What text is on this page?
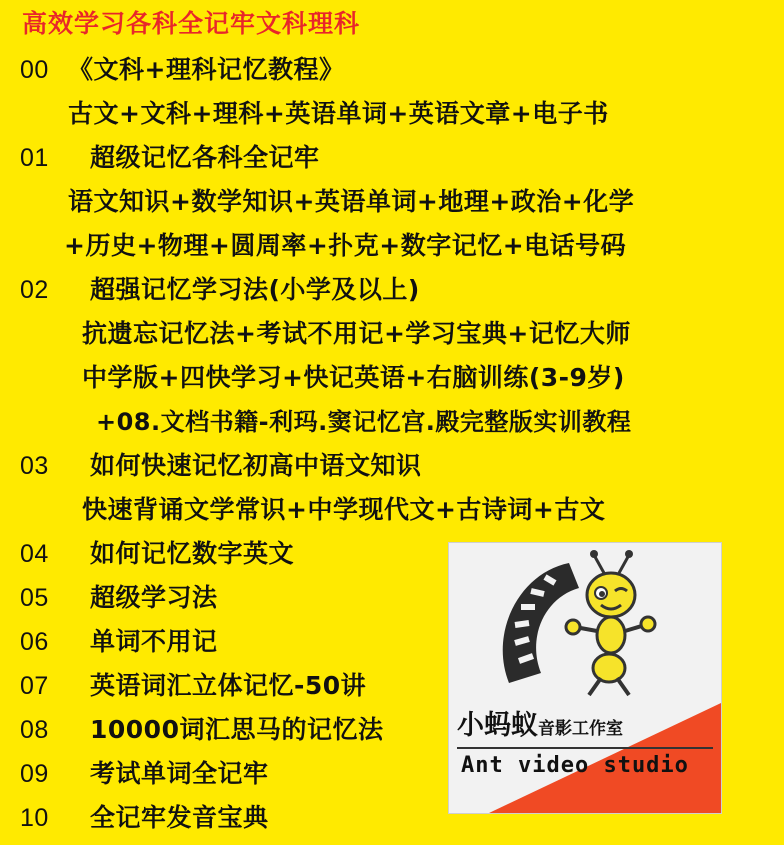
高效学习各科全记牢文科理科
00 《文科+理科记忆教程》
古文+文科+理科+英语单词+英语文章+电子书
01 超级记忆各科全记牢
语文知识+数学知识+英语单词+地理+政治+化学
+历史+物理+圆周率+扑克+数字记忆+电话号码
02 超强记忆学习法(小学及以上)
抗遗忘记忆法+考试不用记+学习宝典+记忆大师
中学版+四快学习+快记英语+右脑训练(3-9岁)
+08.文档书籍-利玛.窦记忆宫.殿完整版实训教程
03 如何快速记忆初高中语文知识
快速背诵文学常识+中学现代文+古诗词+古文
04 如何记忆数字英文
05 超级学习法
06 单词不用记
07 英语词汇立体记忆-50讲
08 10000词汇思马的记忆法
09 考试单词全记牢
10 全记牢发音宝典
小蚂蚁音影工作室
Ant video studio
